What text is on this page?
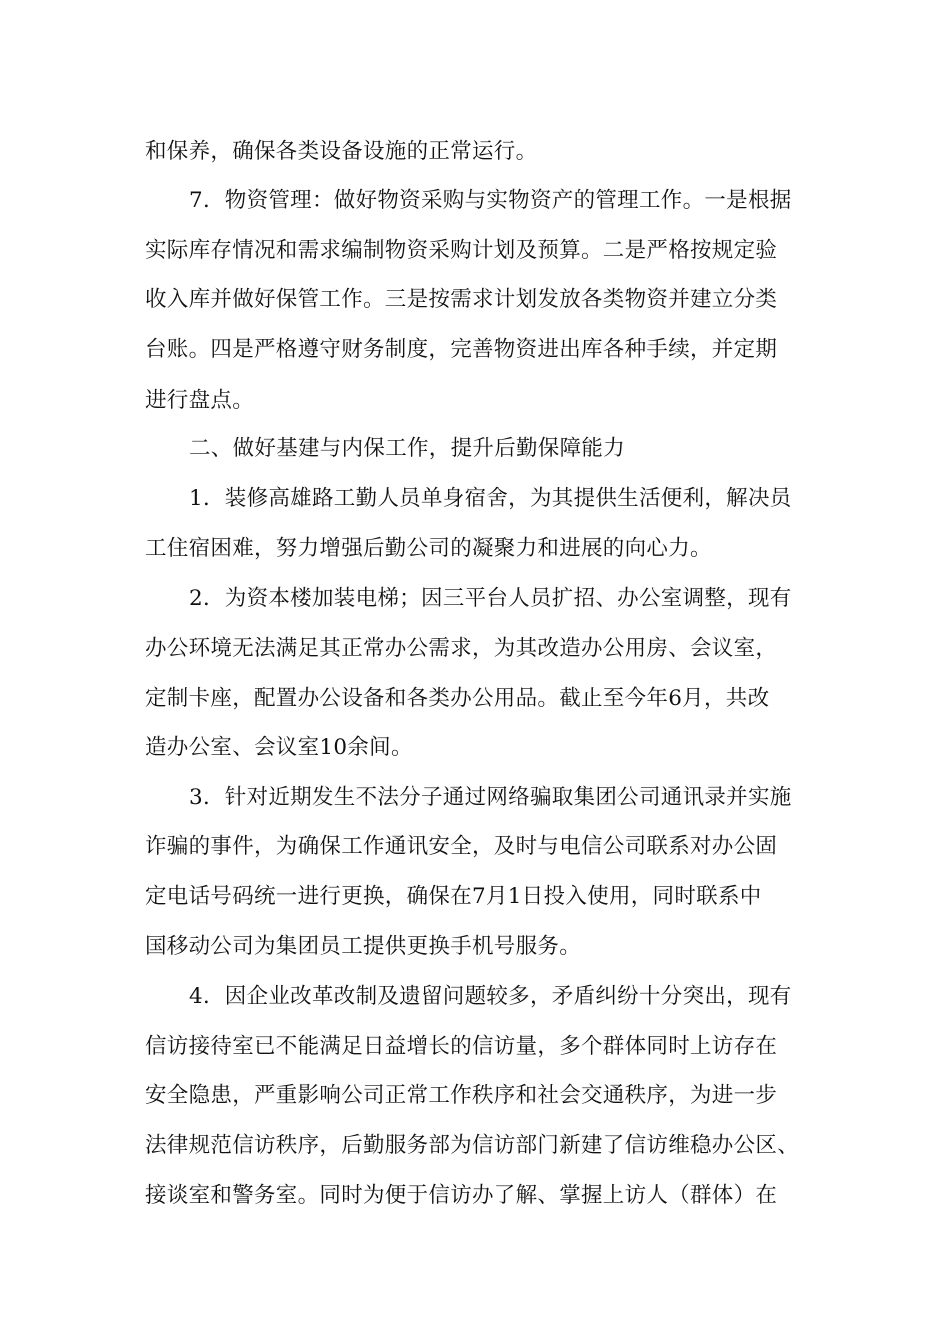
和保养，确保各类设备设施的正常运行。
7．物资管理：做好物资采购与实物资产的管理工作。一是根据
实际库存情况和需求编制物资采购计划及预算。二是严格按规定验
收入库并做好保管工作。三是按需求计划发放各类物资并建立分类
台账。四是严格遵守财务制度，完善物资进出库各种手续，并定期
进行盘点。
二、做好基建与内保工作，提升后勤保障能力
1．装修高雄路工勤人员单身宿舍，为其提供生活便利，解决员
工住宿困难，努力增强后勤公司的凝聚力和进展的向心力。
2．为资本楼加装电梯；因三平台人员扩招、办公室调整，现有
办公环境无法满足其正常办公需求，为其改造办公用房、会议室，
定制卡座，配置办公设备和各类办公用品。截止至今年6月，共改
造办公室、会议室10余间。
3．针对近期发生不法分子通过网络骗取集团公司通讯录并实施
诈骗的事件，为确保工作通讯安全，及时与电信公司联系对办公固
定电话号码统一进行更换，确保在7月1日投入使用，同时联系中
国移动公司为集团员工提供更换手机号服务。
4．因企业改革改制及遗留问题较多，矛盾纠纷十分突出，现有
信访接待室已不能满足日益增长的信访量，多个群体同时上访存在
安全隐患，严重影响公司正常工作秩序和社会交通秩序，为进一步
法律规范信访秩序，后勤服务部为信访部门新建了信访维稳办公区、
接谈室和警务室。同时为便于信访办了解、掌握上访人（群体）在
